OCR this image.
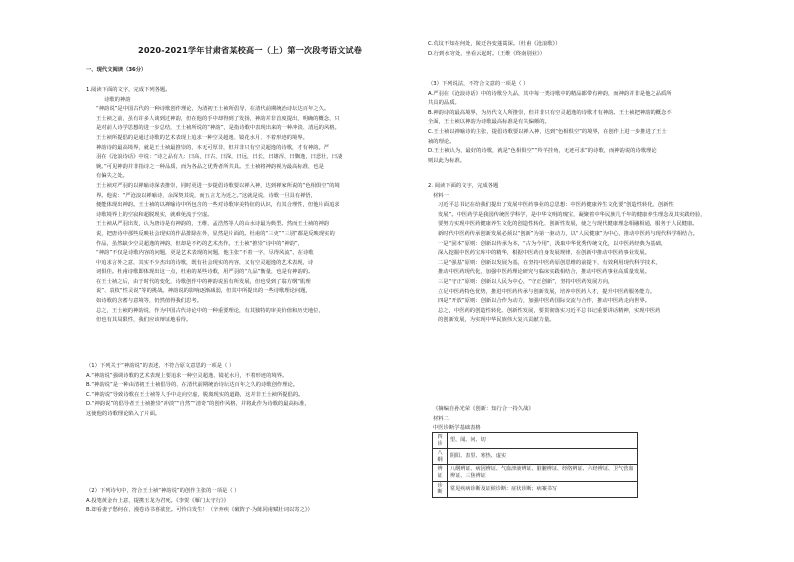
2020-2021学年甘肃省某校高一（上）第一次段考语文试卷

一、现代文阅读（36分）

1.阅读下面的文字，完成下列各题。

诗歌的神韵

“神韵说”是中国古代的一种诗歌创作理论，为清初王士祯所倡导，在清代前期统治诗坛达百年之久。

王士祯之前，虽有许多人谈到过神韵，但在他的手中却得到了发扬，神韵并非首度提出，明确的概念，只

是对前人诗学思想的进一步总结，王士祯所说的“神韵”，是指诗歌中表现出来的一种冲淡、清远的风格。

王士祯所提倡的是通过诗歌的艺术表现上追求一种空灵超逸、镜花水月、不着形迹的境界。

神韵诗的最高境界，就是王士祯最推崇的，本无可厚非，但并非只有空灵超逸的诗歌，才有神韵。严

羽在《沧浪诗话》中说：“诗之品有九：曰高，曰古，曰深，曰远，曰长，曰雄浑，曰飘逸，曰悲壮，曰凄

婉。”可见神韵并非指诗之一种品质，而为各品之优秀者所共具。王士祯将神韵视为最高标准，也是

有偏失之处。

王士祯对严羽的以禅喻诗深表推崇，同时更进一步提倡诗歌要以禅入神，达到禅家所说的“色相俱空”的境

界。他说：“严沧浪以禅喻诗，余深契其说，而五言尤为近之。”这就是说，诗歌一旦具有禅悟，

便能体现出神韵。王士祯的以禅喻诗中所包含的一些对诗歌审美特征的认识，有其合理性，但他片面追求

诗歌境界上的空寂和超脱现实，就难免流于空虚。

王士祯从严羽出发，认为唐诗是有神韵的，王维、孟浩然等人的山水诗最为典型。然而王士祯的神韵

说，把唐诗中那些反映社会现实的作品排除在外，显然是片面的。杜甫的“三吏”“三别”都是反映现实的

作品，虽然缺少空灵超逸的神韵，但却是不朽的艺术杰作。王士祯“推崇”诗中的“神韵”，

“神韵”不仅是诗歌内容的问题，更是艺术表现的问题，他主张“不着一字，尽得风流”，在诗歌

中追求言外之意，其实不少杰出的诗歌，既有社会现实的内容，又有空灵超逸的艺术表现，诗

词俱佳。杜甫诗歌即体现出这一点，杜甫的某些诗歌，用严羽的“九品”衡量，也是有神韵的。

在王士祯之后，由于时代的变化，诗歌创作中的神韵说虽有所发展，但也受到了翁方纲“肌理

说”、袁枚“性灵说”等的挑战。神韵说的影响逐渐减弱，但其中所提出的一些诗歌理论问题，

如诗歌的含蓄与意境等，仍然值得我们思考。

总之，王士祯的神韵说，作为中国古代诗论中的一种重要理论，有其独特的审美价值和历史地位，

但也有其局限性，我们应该辩证地看待。

（1）下列关于“神韵说”的表述，不符合原文意思的一项是（ ）

A.“神韵说”强调诗歌的艺术表现上要追求一种空灵超逸、镜花水月，不着形迹的境界。

B.“神韵说”是一种由清初王士祯倡导的、在清代前期统治诗坛达百年之久的诗歌创作理论。

C.“神韵说”导致诗歌在王士祯等人手中走向空虚，脱离现实的道路，这并非王士祯所提倡的。

D.“神韵说”的倡导者王士祯推崇“冲淡”“自然”“清奇”的创作风格，并将此作为诗歌的最高标准，

这使他的诗歌理论陷入了片面。

（2）下列诗句中，符合王士祯“神韵说”的创作主张的一项是（ ）

A.投笔黄金台上意，提携玉龙为君死。《李贺《雁门太守行》》

B.却看妻子愁何在，漫卷诗书喜欲狂。可怜白发生！（辛弃疾《破阵子·为陈同甫赋壮词以寄之》）

C.荒坟不知在何处，陵迁谷变蓬蒿深。（杜甫《沧浪歌》）

D.行到水穷处，坐看云起时。（王维《终南别业》）

（3）下列说法，不符合文意的一项是（ ）

A.严羽在《沧浪诗话》中的诗歌分九品，其中每一类诗歌中的精品都带有神韵，而神韵并非是他之品质所

共具的品质。

B.神韵诗的最高境界，为历代文人所推崇，但并非只有空灵超逸的诗歌才有神韵。王士祯把神韵的概念不

全面，王士祯以神韵为诗歌最高标准是有失偏颇的。

C.王士祯以禅喻诗的主张，提倡诗歌要以禅入神，达到“色相俱空”的境界，在创作上进一步推进了王士

祯的理论。

D.王士祯认为，最好的诗歌，就是“色相俱空”“羚羊挂角，无迹可求”的诗歌，而神韵说的诗歌理论

则以此为标准。

2. 阅读下面的文字，完成各题

材料一

习近平总书记在给我们提出了发展中医药事业的总思想：中医药健康养生文化要“创造性转化、创新性

发展”。中医药学是我国传统医学科学，是中华文明的瑰宝，凝聚着中华民族几千年的健康养生理念及其实践经验，

要努力实现中医药健康养生文化的创造性转化、创新性发展，使之与现代健康理念相融相通，服务于人民健康。

新时代中医药传承创新发展必须以“创新”为第一驱动力，以“人民健康”为中心，推动中医药与现代科学相结合。

一是“固本”原则：创新以传承为本，“古为今用”，汲取中华优秀传统文化，以中医药经典为基础，

深入挖掘中医药宝库中的精华，根据中医药自身发展规律，在创新中推动中医药事业发展。

二是“强基”原则：创新以发展为基，在坚持中医药原创思维的前提下，有效利用现代科学技术，

推动中医药现代化，加强中医药理论研究与临床实践相结合，推动中医药事业高质量发展。

三是“守正”原则：创新以人民为中心，“守正创新”，坚持中医药发展方向，

立足中医药特色优势，推进中医药传承与创新发展，培养中医药人才，提升中医药服务能力。

四是“开放”原则：创新以合作为动力，加强中医药国际交流与合作，推动中医药走向世界。

总之，中医药的创造性转化、创新性发展，要贯彻落实习近平总书记重要讲话精神，实现中医药

的创新发展，为实现中华民族伟大复兴贡献力量。

《摘编自孙光荣《创新：知行合一持久战》

材料二

中医诊断学基础表格

四诊	望、闻、问、切
八纲	阴阳、表里、寒热、虚实
辨证	八纲辨证、病因辨证、气血津液辨证、脏腑辨证、经络辨证、六经辨证、卫气营血辨证、三焦辨证
诊断	常见疾病诊断及证候诊断：症状诊断；病案书写
